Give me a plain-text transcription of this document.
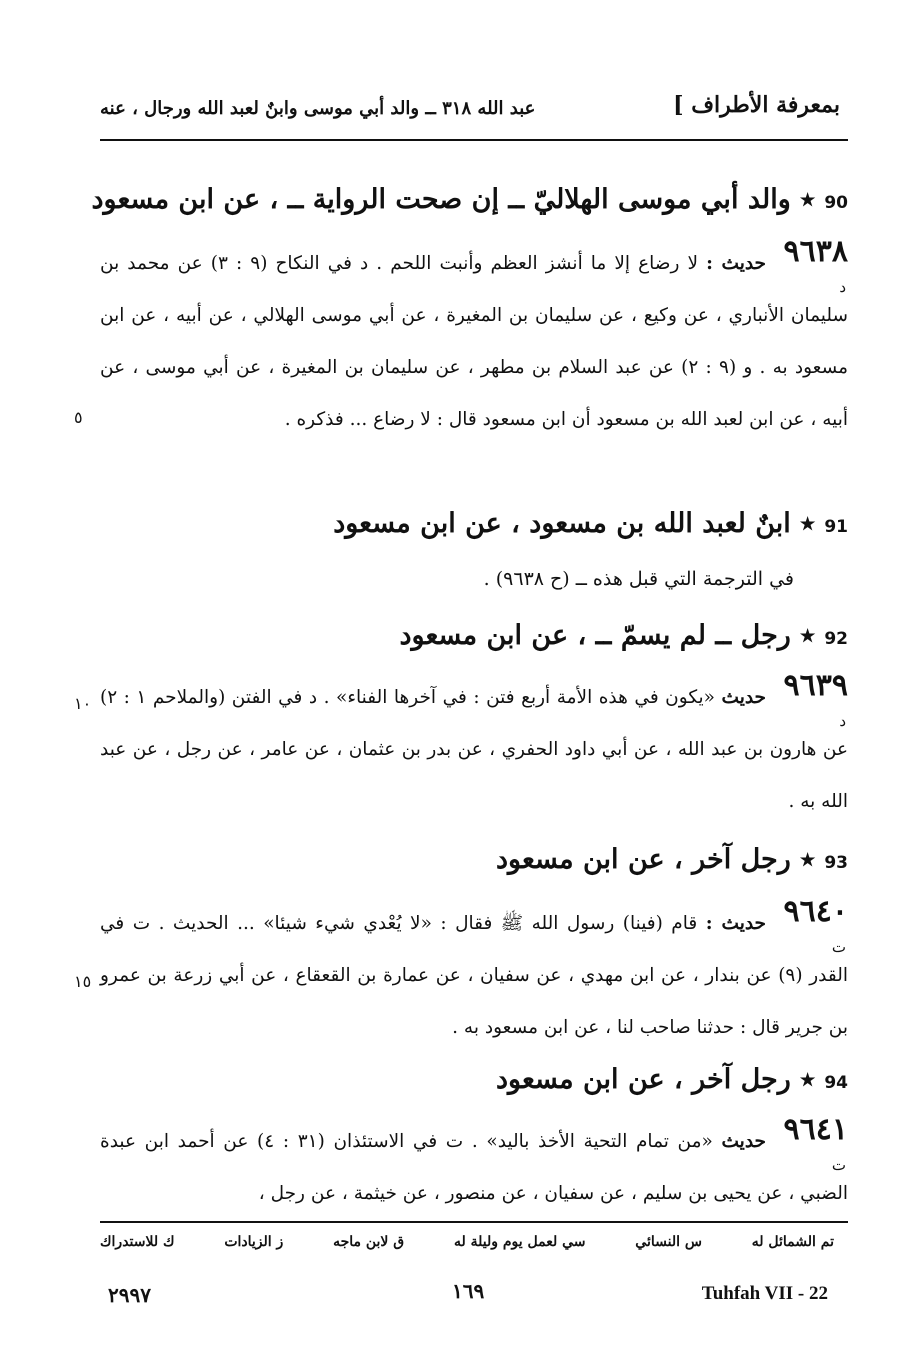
بمعرفة الأطراف ]
عبد الله ٣١٨ ــ والد أبي موسى وابنٌ لعبد الله ورجال ، عنه
90 ٭ والد أبي موسى الهلاليّ ــ إن صحت الرواية ــ ، عن ابن مسعود
٩٦٣٨
د
حديث : لا رضاع إلا ما أنشز العظم وأنبت اللحم . د في النكاح (٩ : ٣) عن محمد بن سليمان الأنباري ، عن وكيع ، عن سليمان بن المغيرة ، عن أبي موسى الهلالي ، عن أبيه ، عن ابن مسعود به . و (٩ : ٢) عن عبد السلام بن مطهر ، عن سليمان بن المغيرة ، عن أبي موسى ، عن أبيه ، عن ابن لعبد الله بن مسعود أن ابن مسعود قال : لا رضاع ... فذكره .
٥
91 ٭ ابنٌ لعبد الله بن مسعود ، عن ابن مسعود
في الترجمة التي قبل هذه ــ (ح ٩٦٣٨) .
92 ٭ رجل ــ لم يسمّ ــ ، عن ابن مسعود
٩٦٣٩
د
حديث «يكون في هذه الأمة أربع فتن : في آخرها الفناء» . د في الفتن (والملاحم ١ : ٢) عن هارون بن عبد الله ، عن أبي داود الحفري ، عن بدر بن عثمان ، عن عامر ، عن رجل ، عن عبد الله به .
١٠
93 ٭ رجل آخر ، عن ابن مسعود
٩٦٤٠
ت
حديث : قام (فينا) رسول الله ﷺ فقال : «لا يُعْدي شيء شيئا» ... الحديث . ت في القدر (٩) عن بندار ، عن ابن مهدي ، عن سفيان ، عن عمارة بن القعقاع ، عن أبي زرعة بن عمرو بن جرير قال : حدثنا صاحب لنا ، عن ابن مسعود به .
١٥
94 ٭ رجل آخر ، عن ابن مسعود
٩٦٤١
ت
حديث «من تمام التحية الأخذ باليد» . ت في الاستئذان (٣١ : ٤) عن أحمد ابن عبدة الضبي ، عن يحيى بن سليم ، عن سفيان ، عن منصور ، عن خيثمة ، عن رجل ،
تم الشمائل له
س النسائي
سي لعمل يوم وليلة له
ق لابن ماجه
ز الزيادات
ك للاستدراك
٢٩٩٧	١٦٩	Tuhfah VII - 22
